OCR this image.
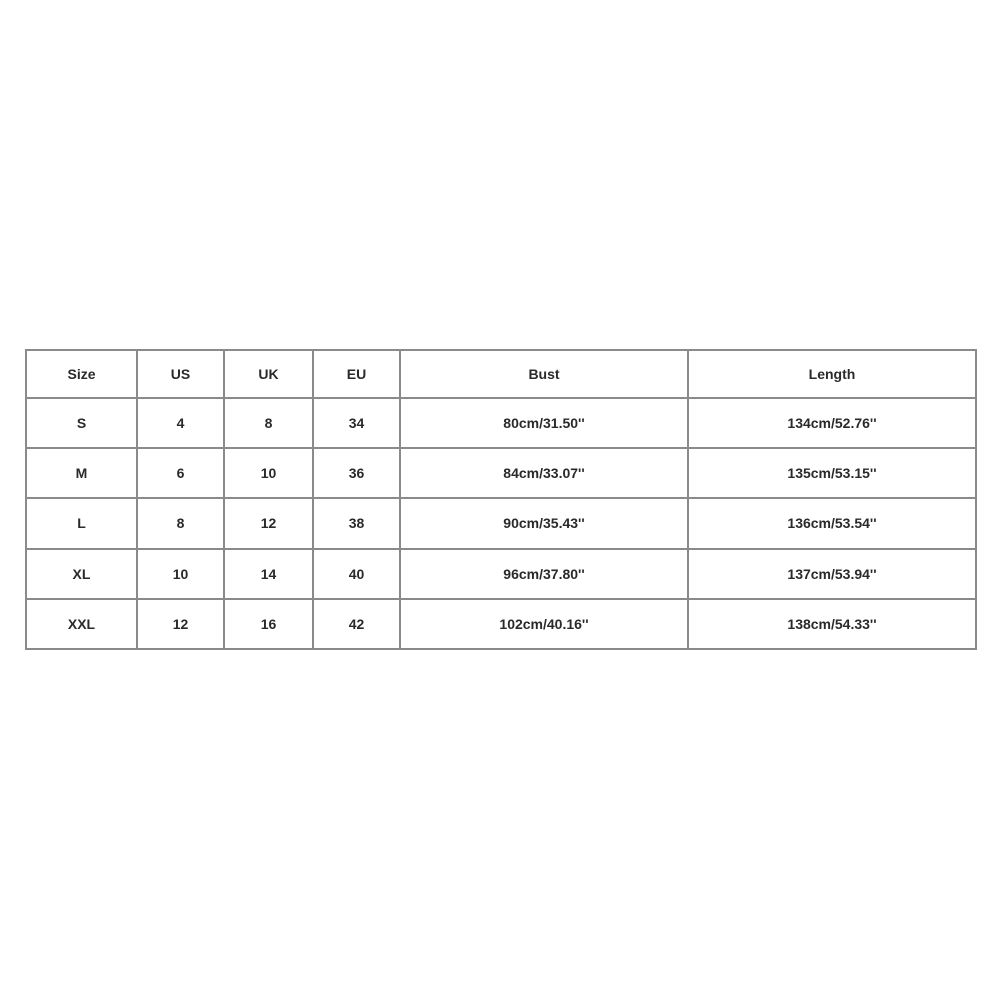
Size	US	UK	EU	Bust	Length
S	4	8	34	80cm/31.50''	134cm/52.76''
M	6	10	36	84cm/33.07''	135cm/53.15''
L	8	12	38	90cm/35.43''	136cm/53.54''
XL	10	14	40	96cm/37.80''	137cm/53.94''
XXL	12	16	42	102cm/40.16''	138cm/54.33''
